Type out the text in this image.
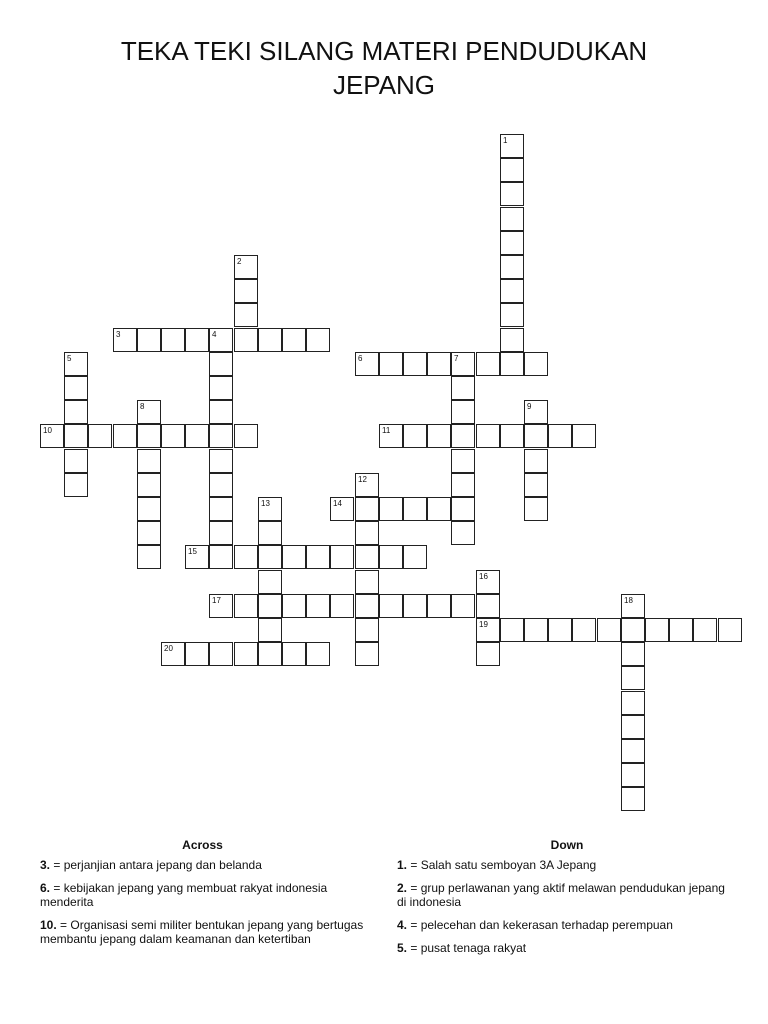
TEKA TEKI SILANG MATERI PENDUDUKAN
JEPANG
1
2
3	4
5	6	7
8	9
10	11
12
13	14
15
16
19
17	18
20
Across
3. = perjanjian antara jepang dan belanda
6. = kebijakan jepang yang membuat rakyat indonesia menderita
10. = Organisasi semi militer bentukan jepang yang bertugas membantu jepang dalam keamanan dan ketertiban
Down
1. = Salah satu semboyan 3A Jepang
2. = grup perlawanan yang aktif melawan pendudukan jepang di indonesia
4. = pelecehan dan kekerasan terhadap perempuan
5. = pusat tenaga rakyat
